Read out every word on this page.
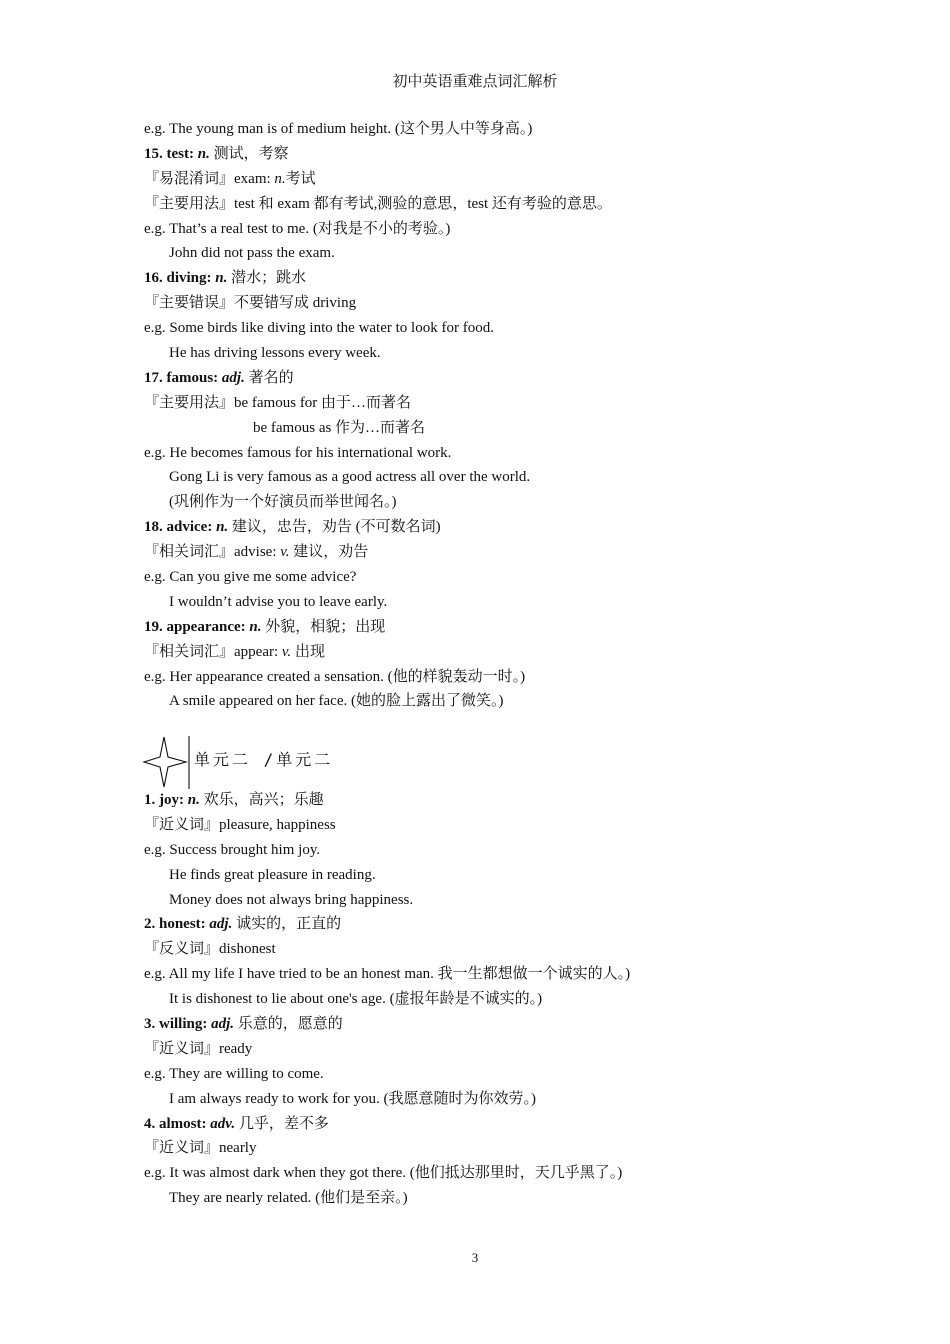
初中英语重难点词汇解析
e.g. The young man is of medium height. (这个男人中等身高。)
15. test: n. 测试，考察
『易混淆词』exam: n.考试
『主要用法』test 和 exam 都有考试,测验的意思，test 还有考验的意思。
e.g. That’s a real test to me. (对我是不小的考验。)
John did not pass the exam.
16. diving: n. 潜水；跳水
『主要错误』不要错写成 driving
e.g. Some birds like diving into the water to look for food.
He has driving lessons every week.
17. famous: adj. 著名的
『主要用法』be famous for 由于…而著名
be famous as 作为…而著名
e.g. He becomes famous for his international work.
Gong Li is very famous as a good actress all over the world.
(巩俐作为一个好演员而举世闻名。)
18. advice: n. 建议，忠告，劝告 (不可数名词)
『相关词汇』advise: v. 建议，劝告
e.g. Can you give me some advice?
I wouldn’t advise you to leave early.
19. appearance: n. 外貌，相貌；出现
『相关词汇』appear: v. 出现
e.g. Her appearance created a sensation. (他的样貌轰动一时。)
A smile appeared on her face. (她的脸上露出了微笑。)
单元二 /单元二
1. joy: n. 欢乐，高兴；乐趣
『近义词』pleasure, happiness
e.g. Success brought him joy.
He finds great pleasure in reading.
Money does not always bring happiness.
2. honest: adj. 诚实的，正直的
『反义词』dishonest
e.g. All my life I have tried to be an honest man. 我一生都想做一个诚实的人。)
It is dishonest to lie about one's age. (虚报年龄是不诚实的。)
3. willing: adj. 乐意的，愿意的
『近义词』ready
e.g. They are willing to come.
I am always ready to work for you. (我愿意随时为你效劳。)
4. almost: adv. 几乎，差不多
『近义词』nearly
e.g. It was almost dark when they got there. (他们抵达那里时，天几乎黑了。)
They are nearly related. (他们是至亲。)
3
